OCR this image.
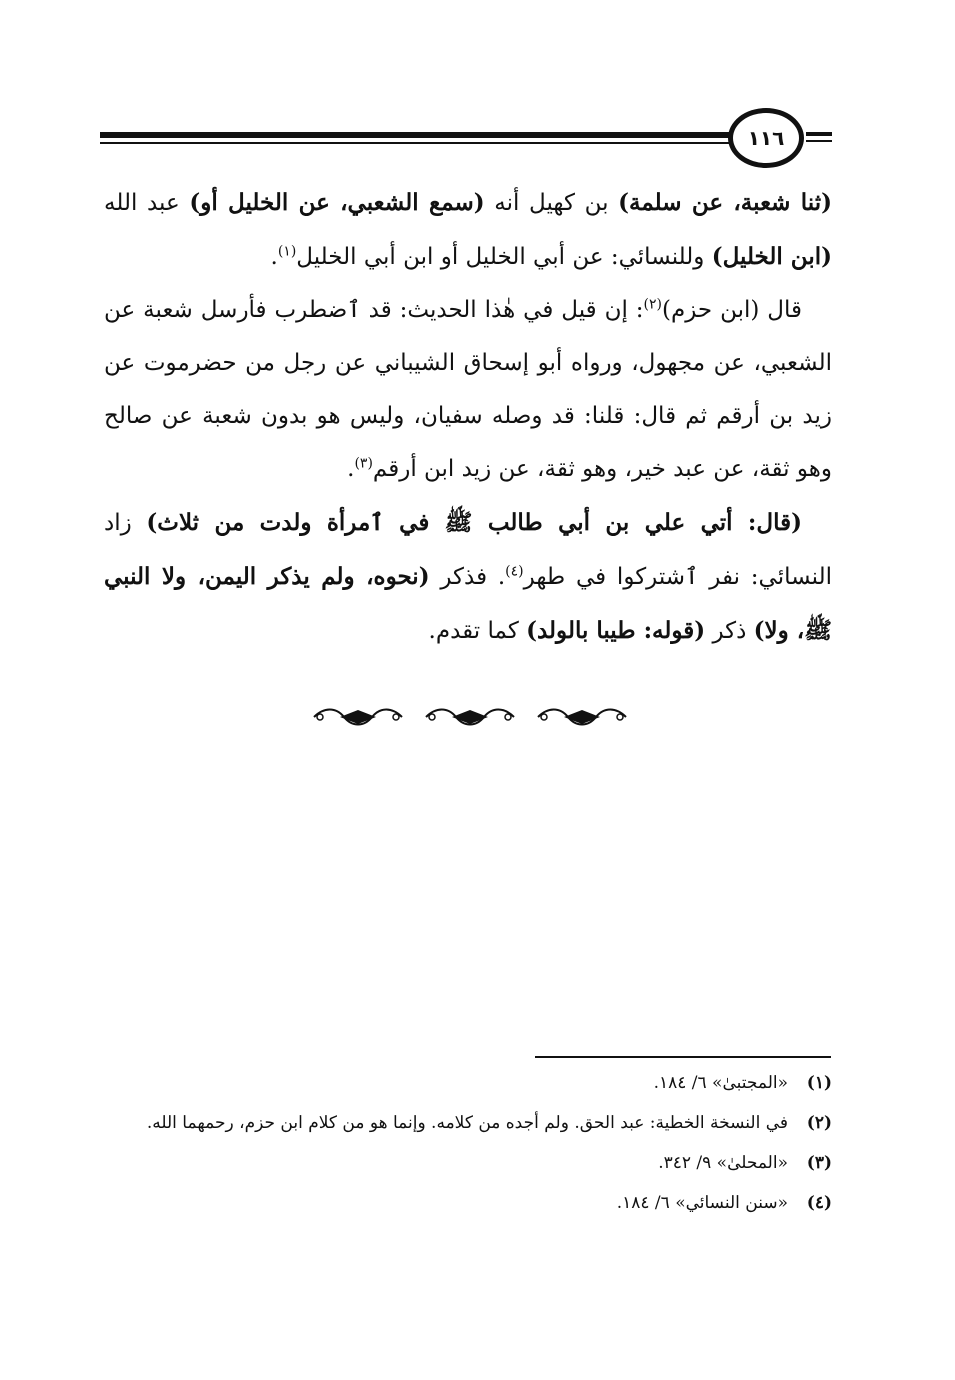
١١٦

(ثنا شعبة، عن سلمة) بن كهيل أنه (سمع الشعبي، عن الخليل أو) عبد الله (ابن الخليل) وللنسائي: عن أبي الخليل أو ابن أبي الخليل$^{(١)}$.

قال (ابن حزم)$^{(٢)}$: إن قيل في هٰذا الحديث: قد ٱضطرب فأرسل شعبة عن الشعبي، عن مجهول، ورواه أبو إسحاق الشيباني عن رجل من حضرموت عن زيد بن أرقم ثم قال: قلنا: قد وصله سفيان، وليس هو بدون شعبة عن صالح وهو ثقة، عن عبد خير، وهو ثقة، عن زيد ابن أرقم$^{(٣)}$.

(قال: أتي علي بن أبي طالب ﷺ في ٱمرأة ولدت من ثلاث) زاد النسائي: نفر ٱشتركوا في طهر$^{(٤)}$. فذكر (نحوه، ولم يذكر اليمن، ولا النبي ﷺ، ولا) ذكر (قوله: طيبا بالولد) كما تقدم.

(١)
«المجتبىٰ» ٦/ ١٨٤.
(٢)
في النسخة الخطية: عبد الحق. ولم أجده من كلامه. وإنما هو من كلام ابن حزم، رحمهما الله.
(٣)
«المحلىٰ» ٩/ ٣٤٢.
(٤)
«سنن النسائي» ٦/ ١٨٤.
